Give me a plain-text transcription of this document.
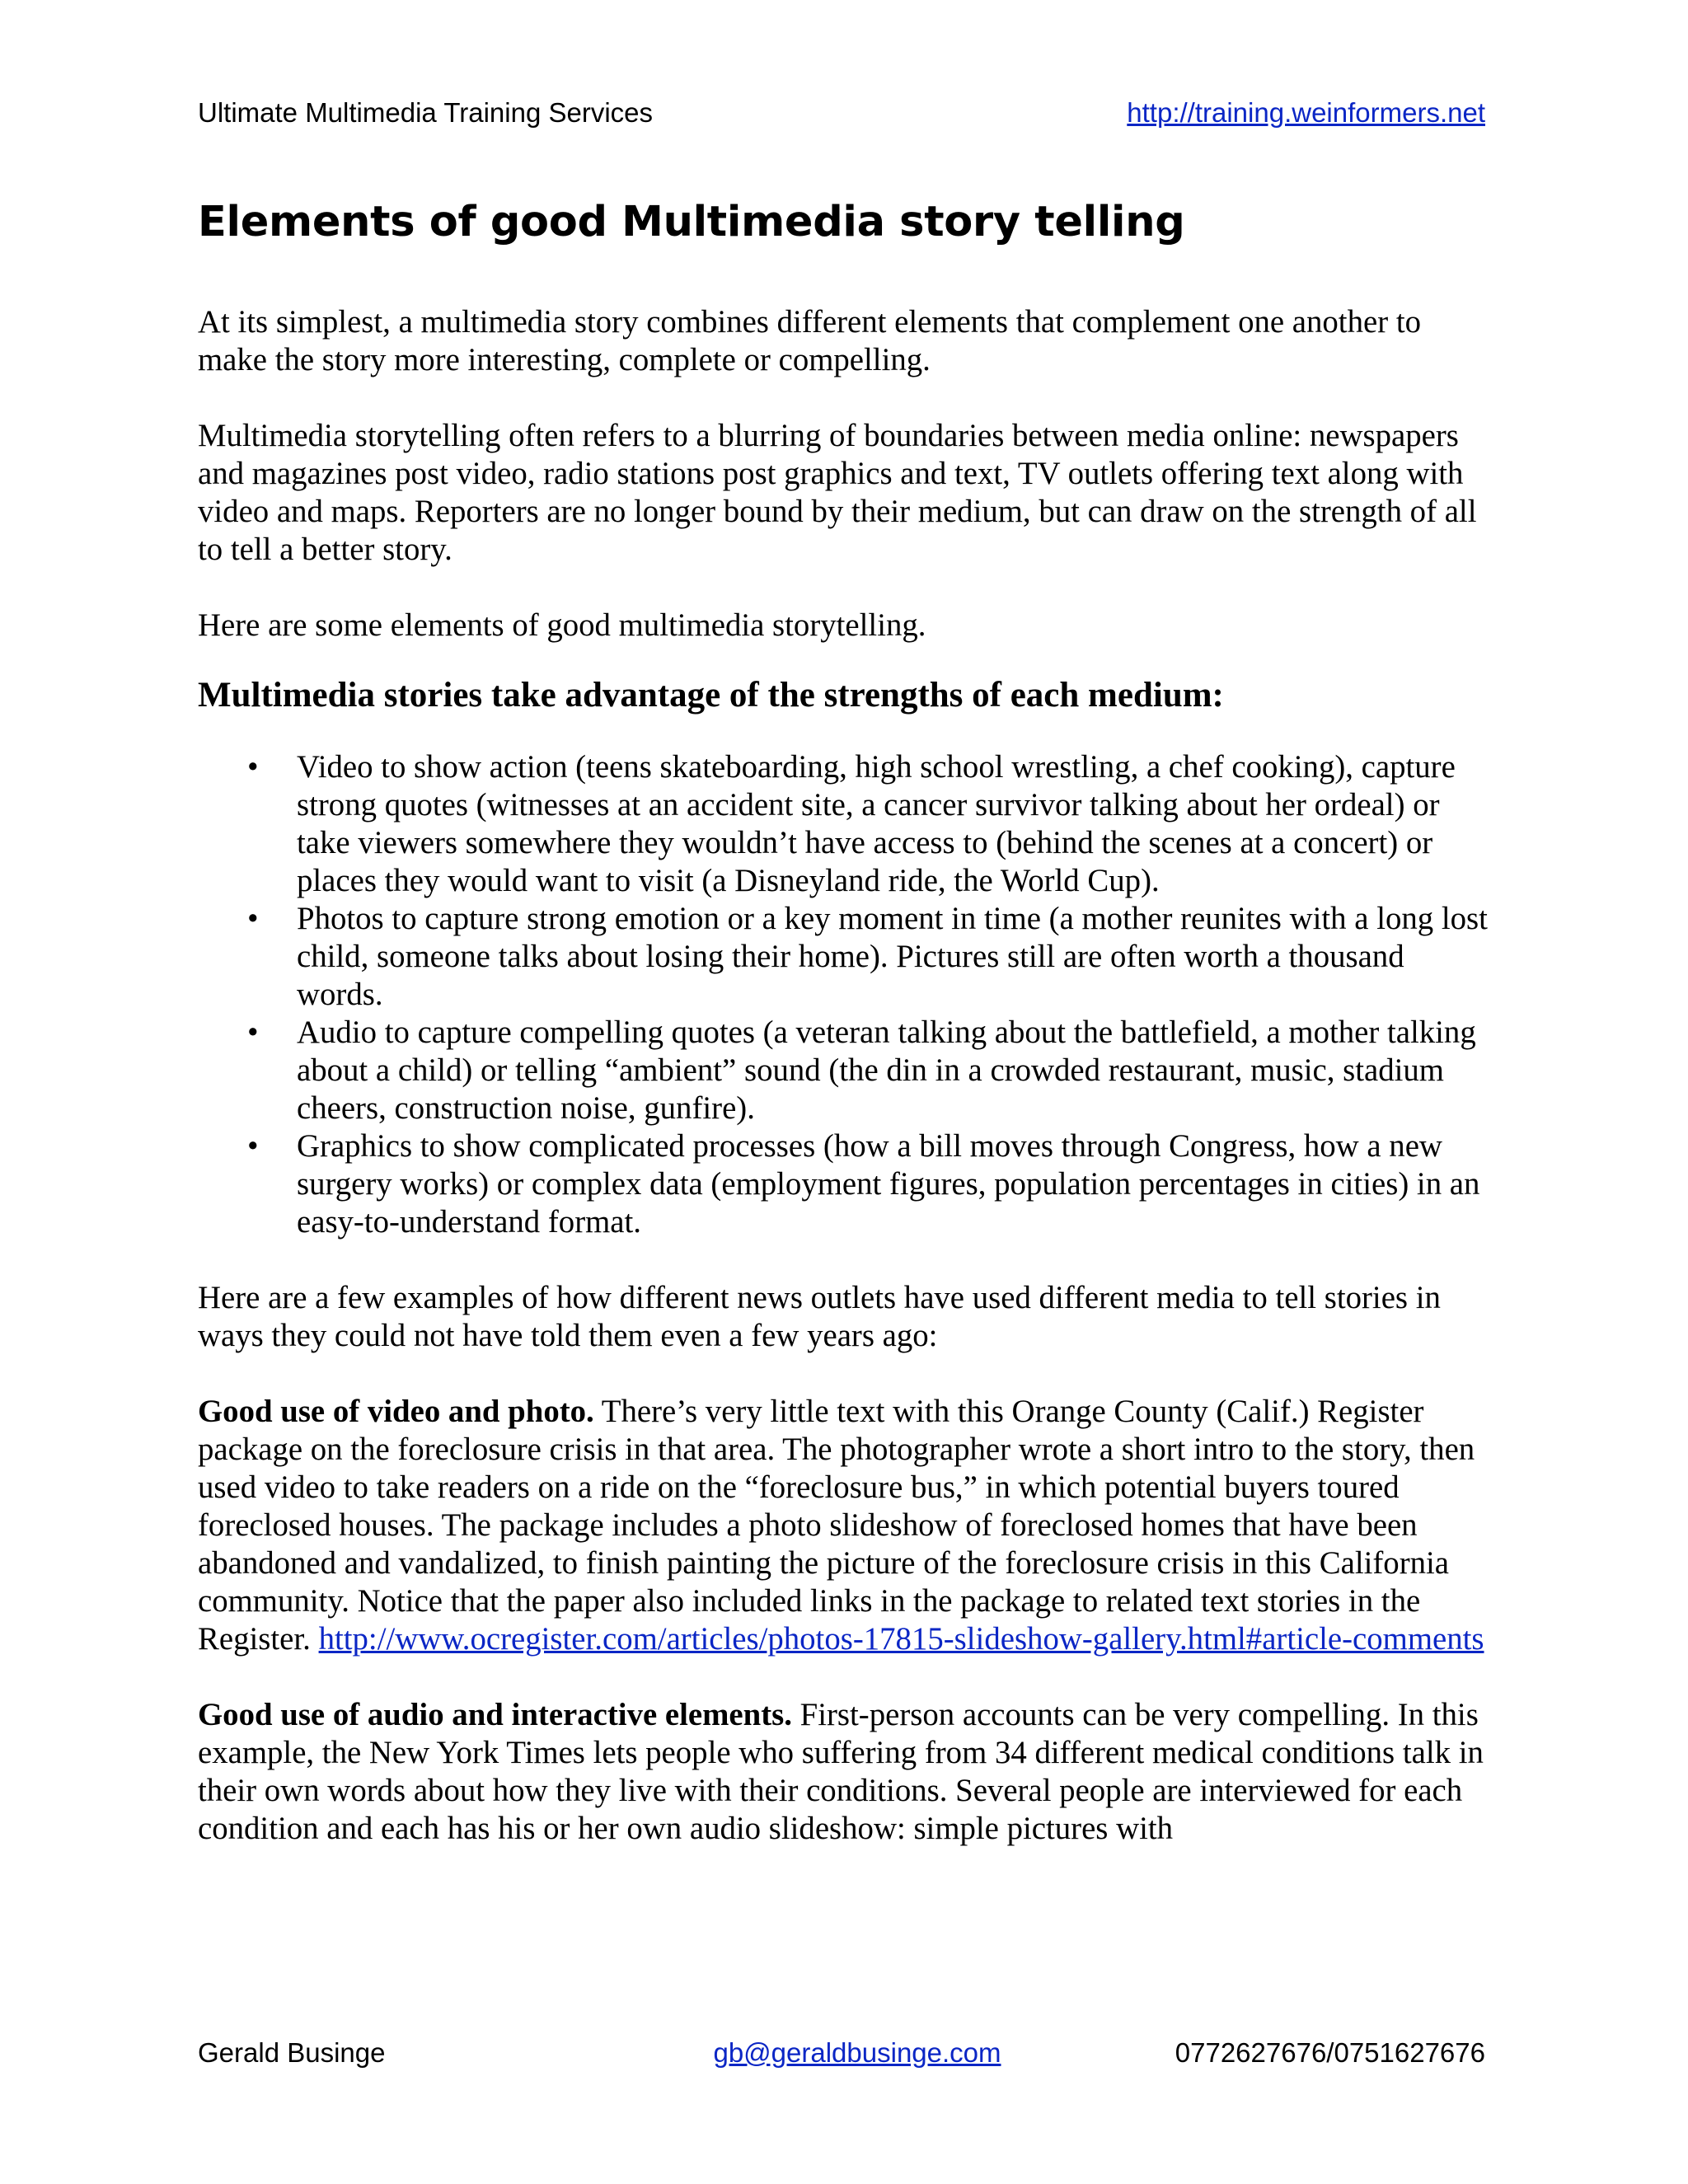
Ultimate Multimedia Training Services	http://training.weinformers.net
Elements of good Multimedia story telling

At its simplest, a multimedia story combines different elements that complement one another to make the story more interesting, complete or compelling.

Multimedia storytelling often refers to a blurring of boundaries between media online: newspapers and magazines post video, radio stations post graphics and text, TV outlets offering text along with video and maps. Reporters are no longer bound by their medium, but can draw on the strength of all to tell a better story.

Here are some elements of good multimedia storytelling.

Multimedia stories take advantage of the strengths of each medium:
• Video to show action (teens skateboarding, high school wrestling, a chef cooking), capture strong quotes (witnesses at an accident site, a cancer survivor talking about her ordeal) or take viewers somewhere they wouldn’t have access to (behind the scenes at a concert) or places they would want to visit (a Disneyland ride, the World Cup).
• Photos to capture strong emotion or a key moment in time (a mother reunites with a long lost child, someone talks about losing their home). Pictures still are often worth a thousand words.
• Audio to capture compelling quotes (a veteran talking about the battlefield, a mother talking about a child) or telling “ambient” sound (the din in a crowded restaurant, music, stadium cheers, construction noise, gunfire).
• Graphics to show complicated processes (how a bill moves through Congress, how a new surgery works) or complex data (employment figures, population percentages in cities) in an easy-to-understand format.

Here are a few examples of how different news outlets have used different media to tell stories in ways they could not have told them even a few years ago:

Good use of video and photo. There’s very little text with this Orange County (Calif.) Register package on the foreclosure crisis in that area. The photographer wrote a short intro to the story, then used video to take readers on a ride on the “foreclosure bus,” in which potential buyers toured foreclosed houses. The package includes a photo slideshow of foreclosed homes that have been abandoned and vandalized, to finish painting the picture of the foreclosure crisis in this California community. Notice that the paper also included links in the package to related text stories in the Register. http://www.ocregister.com/articles/photos-17815-slideshow-gallery.html#article-comments

Good use of audio and interactive elements. First-person accounts can be very compelling. In this example, the New York Times lets people who suffering from 34 different medical conditions talk in their own words about how they live with their conditions. Several people are interviewed for each condition and each has his or her own audio slideshow: simple pictures with

Gerald Businge	gb@geraldbusinge.com	0772627676/0751627676
